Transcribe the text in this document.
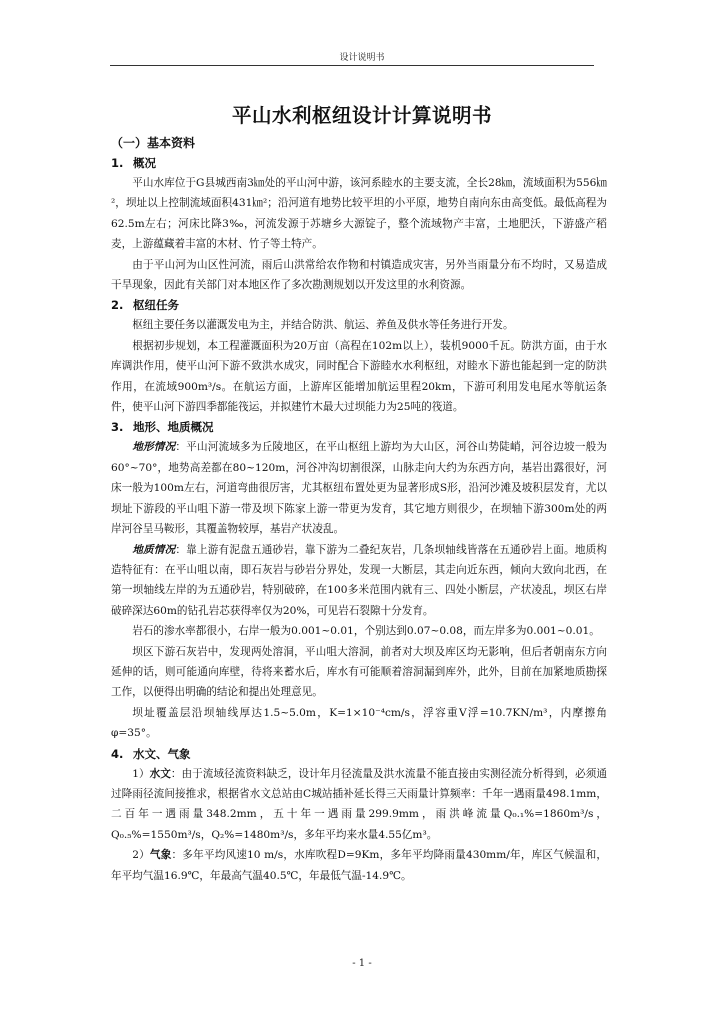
设计说明书
平山水利枢纽设计计算说明书
（一）基本资料
1. 概况

平山水库位于G县城西南3㎞处的平山河中游，该河系睦水的主要支流，全长28㎞，流域面积为556㎞²，坝址以上控制流域面积431㎞²；沿河道有地势比较平坦的小平原，地势自南向东由高变低。最低高程为62.5m左右；河床比降3‰，河流发源于苏塘乡大源锭子，整个流域物产丰富，土地肥沃，下游盛产稻麦，上游蕴藏着丰富的木材、竹子等土特产。

由于平山河为山区性河流，雨后山洪常给农作物和村镇造成灾害，另外当雨量分布不均时，又易造成干旱现象，因此有关部门对本地区作了多次勘测规划以开发这里的水利资源。

2. 枢纽任务

枢纽主要任务以灌溉发电为主，并结合防洪、航运、养鱼及供水等任务进行开发。

根据初步规划，本工程灌溉面积为20万亩（高程在102m以上），装机9000千瓦。防洪方面，由于水库调洪作用，使平山河下游不致洪水成灾，同时配合下游睦水水利枢纽，对睦水下游也能起到一定的防洪作用，在流域900m³/s。在航运方面，上游库区能增加航运里程20km，下游可利用发电尾水等航运条件，使平山河下游四季都能筏运，并拟建竹木最大过坝能力为25吨的筏道。

3. 地形、地质概况

地形情况：平山河流域多为丘陵地区，在平山枢纽上游均为大山区，河谷山势陡峭，河谷边坡一般为60°~70°，地势高差都在80~120m，河谷冲沟切割很深，山脉走向大约为东西方向，基岩出露很好，河床一般为100m左右，河道弯曲很厉害，尤其枢纽布置处更为显著形成S形，沿河沙滩及坡积层发育，尤以坝址下游段的平山咀下游一带及坝下陈家上游一带更为发育，其它地方则很少，在坝轴下游300m处的两岸河谷呈马鞍形，其覆盖物较厚，基岩产状凌乱。

地质情况：靠上游有泥盘五通砂岩，靠下游为二叠纪灰岩，几条坝轴线皆落在五通砂岩上面。地质构造特征有：在平山咀以南，即石灰岩与砂岩分界处，发现一大断层，其走向近东西，倾向大致向北西，在第一坝轴线左岸的为五通砂岩，特别破碎，在100多米范围内就有三、四处小断层，产状凌乱，坝区右岸破碎深达60m的钻孔岩芯获得率仅为20%，可见岩石裂隙十分发育。

岩石的渗水率都很小，右岸一般为0.001~0.01，个别达到0.07~0.08，而左岸多为0.001~0.01。

坝区下游石灰岩中，发现两处溶洞，平山咀大溶洞，前者对大坝及库区均无影响，但后者朝南东方向延伸的话，则可能通向库壁，待将来蓄水后，库水有可能顺着溶洞漏到库外，此外，目前在加紧地质勘探工作，以便得出明确的结论和提出处理意见。

坝址覆盖层沿坝轴线厚达1.5~5.0m，K=1×10⁻⁴cm/s，浮容重V浮=10.7KN/m³，内摩擦角φ=35°。

4. 水文、气象

1）水文：由于流域径流资料缺乏，设计年月径流量及洪水流量不能直接由实测径流分析得到，必须通过降雨径流间接推求，根据省水文总站由C城站插补延长得三天雨量计算频率：千年一遇雨量498.1mm，二百年一遇雨量348.2mm，五十年一遇雨量299.9mm，雨洪峰流量Q₀.₁%=1860m³/s，Q₀.₅%=1550m³/s，Q₂%=1480m³/s，多年平均来水量4.55亿m³。

2）气象：多年平均风速10 m/s，水库吹程D=9Km，多年平均降雨量430mm/年，库区气候温和，年平均气温16.9℃，年最高气温40.5℃，年最低气温-14.9℃。

- 1 -
